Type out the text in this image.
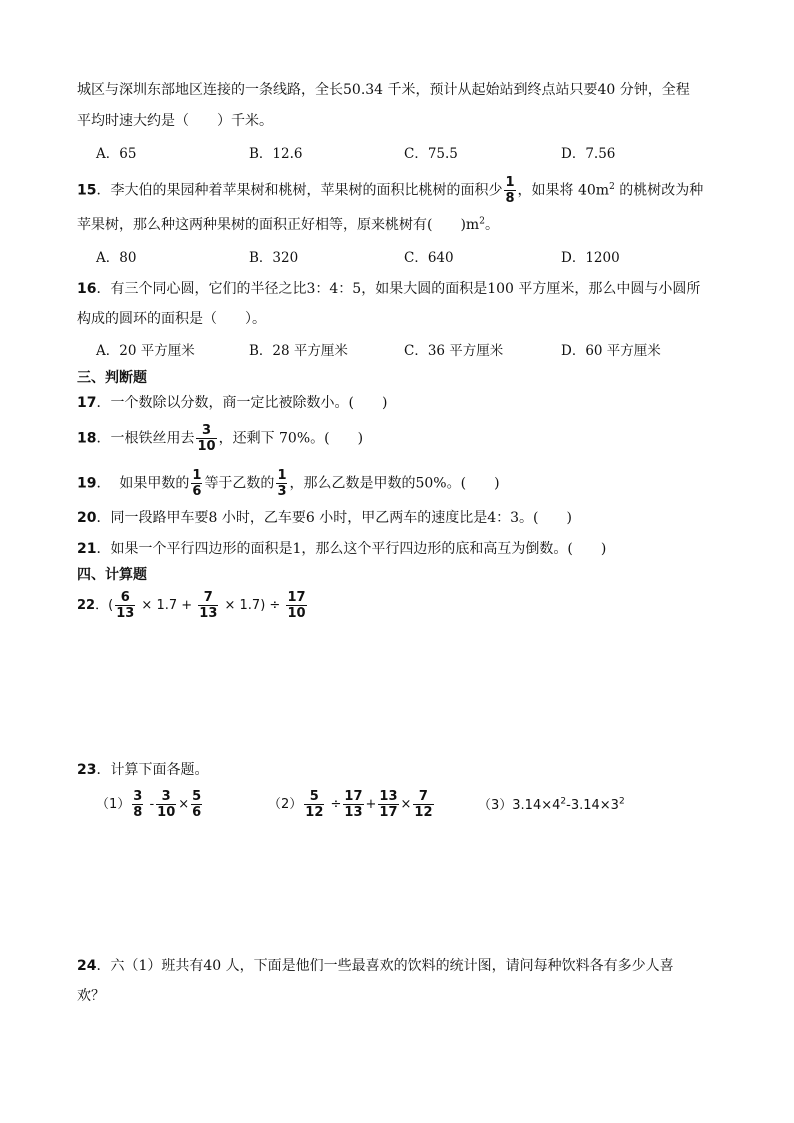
城区与深圳东部地区连接的一条线路，全长50.34 千米，预计从起始站到终点站只要40 分钟，全程
平均时速大约是（　　）千米。
A．65	B．12.6	C．75.5	D．7.56
15．李大伯的果园种着苹果树和桃树，苹果树的面积比桃树的面积少 $\frac{1}{8}$ ，如果将 $40m^2$ 的桃树改为种
苹果树，那么种这两种果树的面积正好相等，原来桃树有(　　)$m^2$。
A．80	B．320	C．640	D．1200
16．有三个同心圆，它们的半径之比3：4：5，如果大圆的面积是100 平方厘米，那么中圆与小圆所
构成的圆环的面积是（　　）。
A．20 平方厘米	B．28 平方厘米	C．36 平方厘米	D．60 平方厘米
三、判断题
17．一个数除以分数，商一定比被除数小。(　　)
18．一根铁丝用去 $\frac{3}{10}$ ，还剩下 70%。(　　)
19．  如果甲数的 $\frac{1}{6}$ 等于乙数的 $\frac{1}{3}$ ，那么乙数是甲数的50%。(　　)
20．同一段路甲车要8 小时，乙车要6 小时，甲乙两车的速度比是4：3。(　　)
21．如果一个平行四边形的面积是1，那么这个平行四边形的底和高互为倒数。(　　)
四、计算题
22．( $\frac{6}{13} \times 1.7 + \frac{7}{13} \times 1.7) \div \frac{17}{10}$
23．计算下面各题。
$(1) \frac{3}{8} - \frac{3}{10} \times \frac{5}{6}$	$(2) \frac{5}{12} \div \frac{17}{13} + \frac{13}{17} \times \frac{7}{12}$	$(3)3.14\times 4^2-3.14\times 3^2$
24．六（1）班共有40 人，下面是他们一些最喜欢的饮料的统计图，请问每种饮料各有多少人喜
欢？
